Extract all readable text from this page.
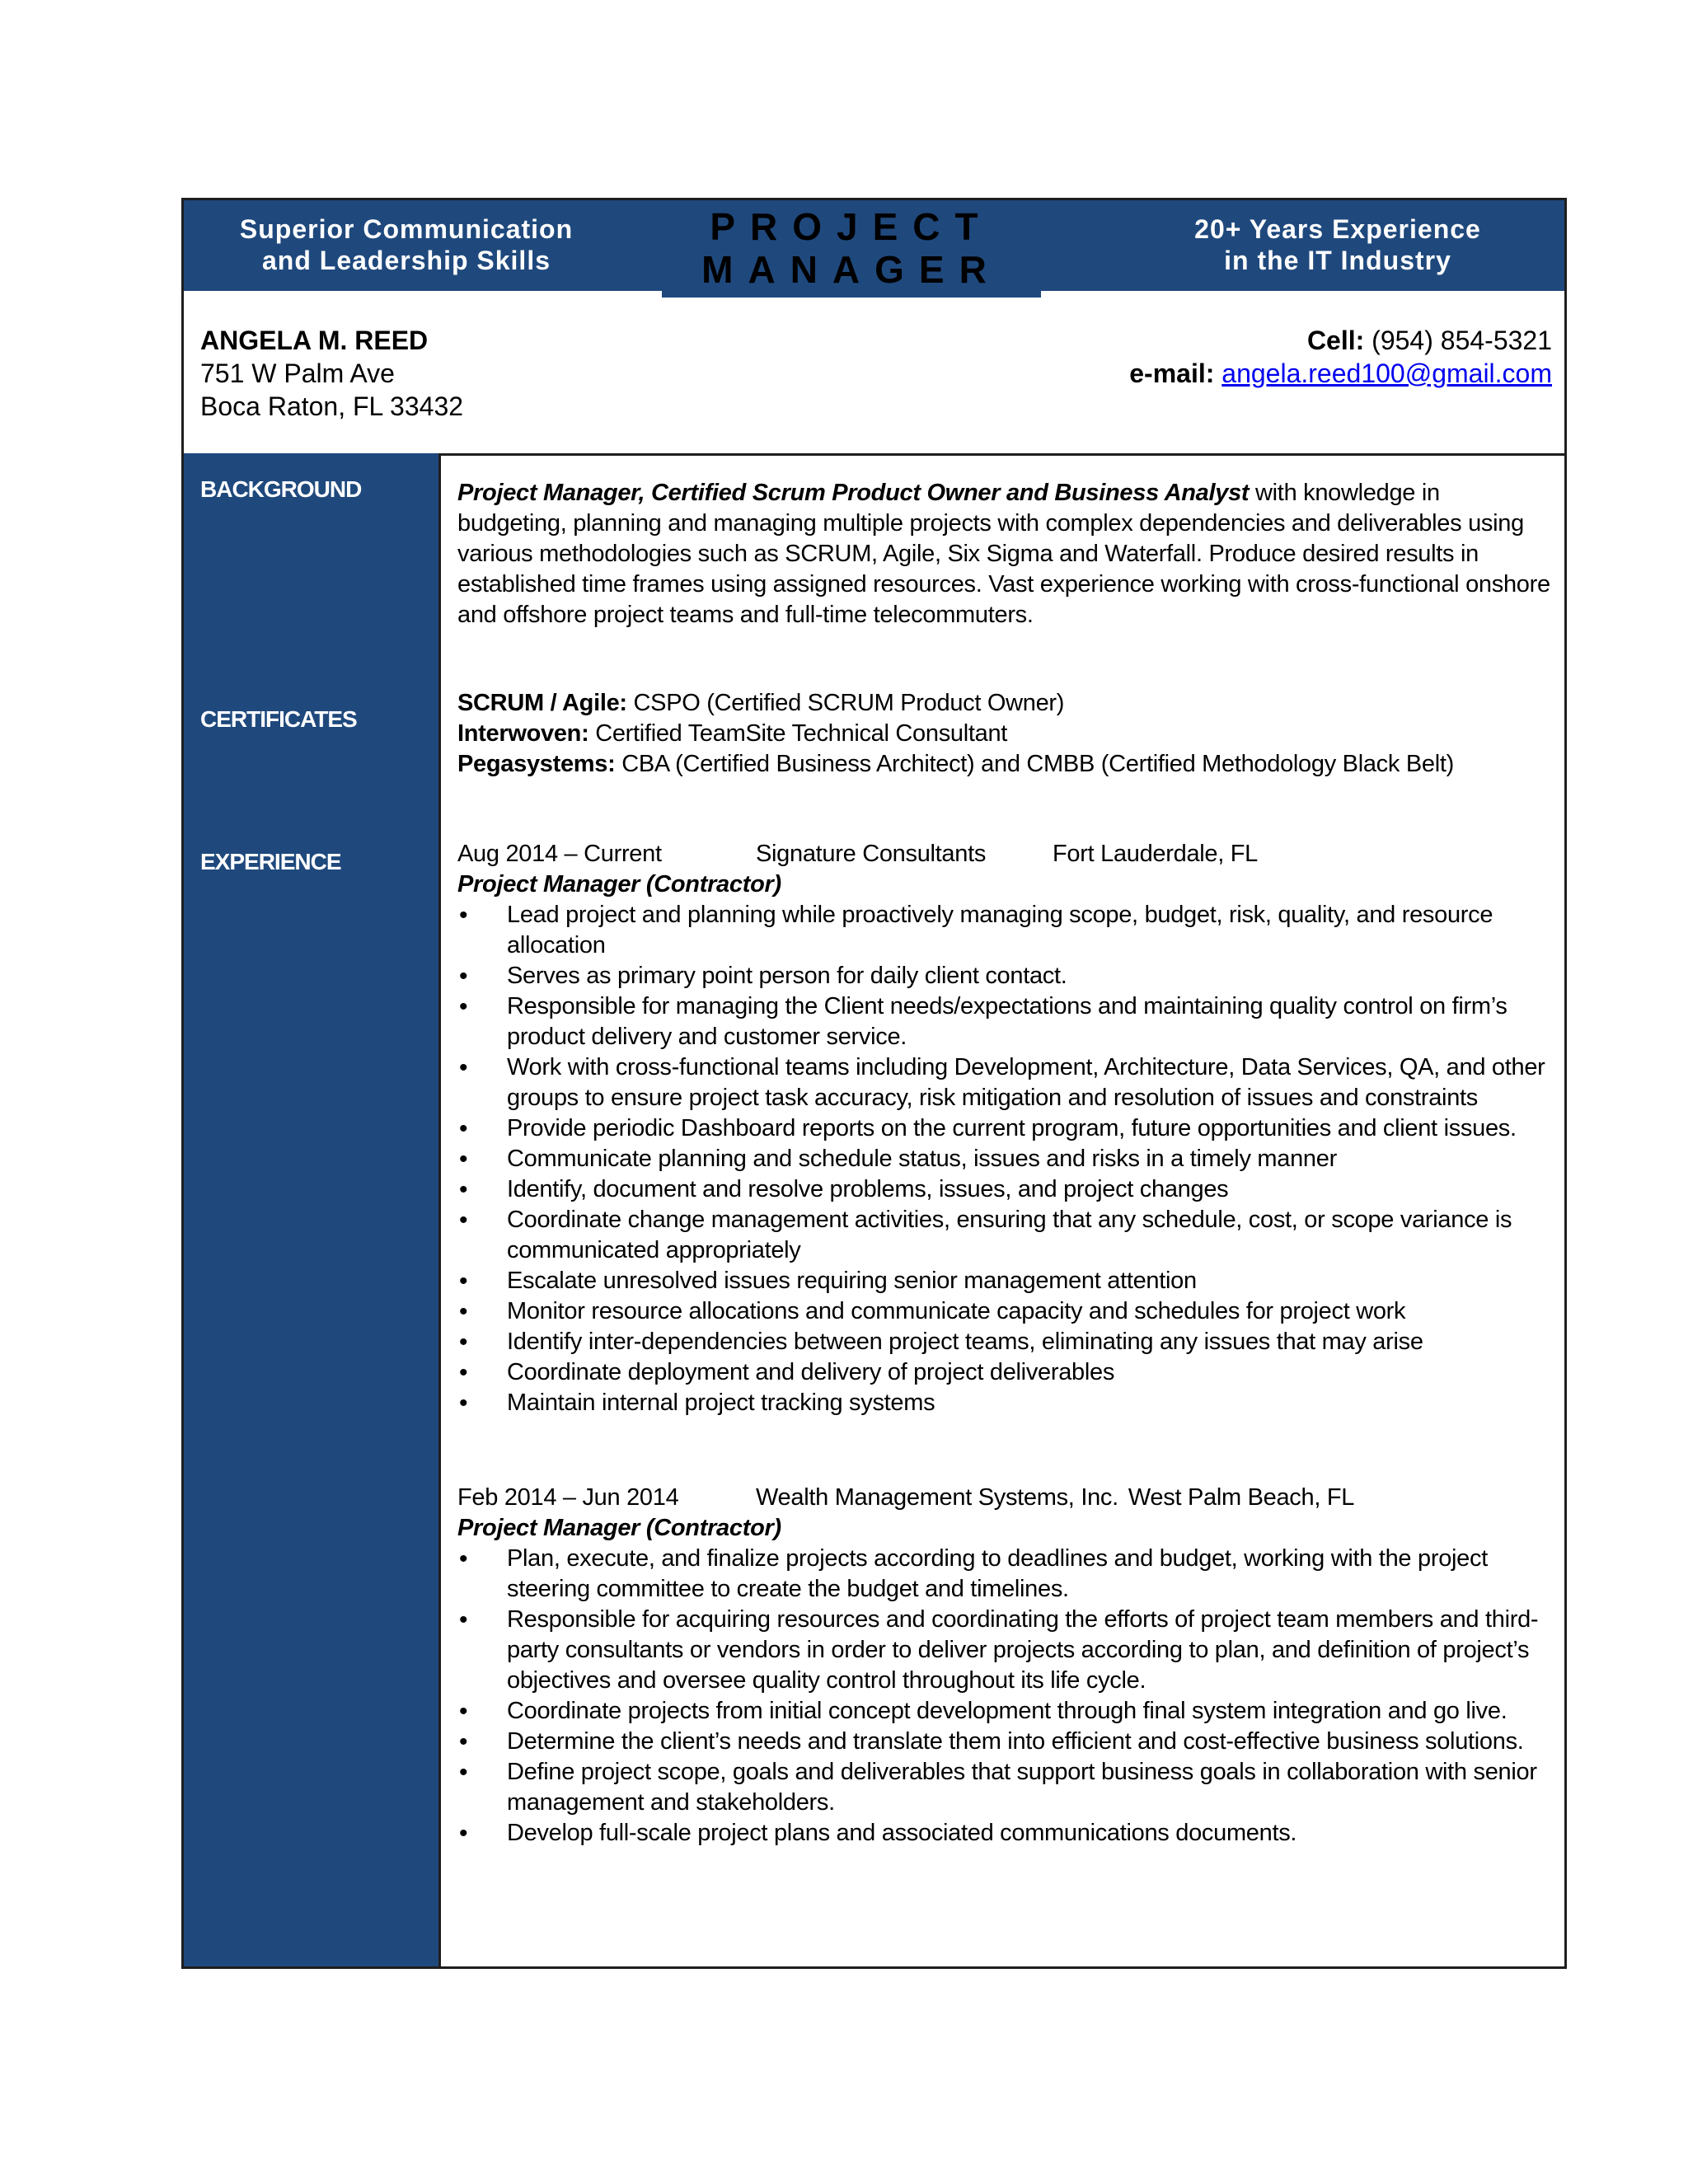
Superior Communication
and Leadership Skills
20+ Years Experience
in the IT Industry
PROJECT
MANAGER
ANGELA M. REED
751 W Palm Ave
Boca Raton, FL 33432
Cell: (954) 854-5321
e-mail: angela.reed100@gmail.com
BACKGROUND
CERTIFICATES
EXPERIENCE
Project Manager, Certified Scrum Product Owner and Business Analyst with knowledge in budgeting, planning and managing multiple projects with complex dependencies and deliverables using various methodologies such as SCRUM, Agile, Six Sigma and Waterfall. Produce desired results in established time frames using assigned resources. Vast experience working with cross-functional onshore and offshore project teams and full-time telecommuters.
SCRUM / Agile: CSPO (Certified SCRUM Product Owner)
Interwoven: Certified TeamSite Technical Consultant
Pegasystems: CBA (Certified Business Architect) and CMBB (Certified Methodology Black Belt)
Aug 2014 – Current	Signature Consultants	Fort Lauderdale, FL
Project Manager (Contractor)
• Lead project and planning while proactively managing scope, budget, risk, quality, and resource allocation
• Serves as primary point person for daily client contact.
• Responsible for managing the Client needs/expectations and maintaining quality control on firm’s product delivery and customer service.
• Work with cross-functional teams including Development, Architecture, Data Services, QA, and other groups to ensure project task accuracy, risk mitigation and resolution of issues and constraints
• Provide periodic Dashboard reports on the current program, future opportunities and client issues.
• Communicate planning and schedule status, issues and risks in a timely manner
• Identify, document and resolve problems, issues, and project changes
• Coordinate change management activities, ensuring that any schedule, cost, or scope variance is communicated appropriately
• Escalate unresolved issues requiring senior management attention
• Monitor resource allocations and communicate capacity and schedules for project work
• Identify inter-dependencies between project teams, eliminating any issues that may arise
• Coordinate deployment and delivery of project deliverables
• Maintain internal project tracking systems
Feb 2014 – Jun 2014	Wealth Management Systems, Inc. West Palm Beach, FL
Project Manager (Contractor)
• Plan, execute, and finalize projects according to deadlines and budget, working with the project steering committee to create the budget and timelines.
• Responsible for acquiring resources and coordinating the efforts of project team members and third-party consultants or vendors in order to deliver projects according to plan, and definition of project’s objectives and oversee quality control throughout its life cycle.
• Coordinate projects from initial concept development through final system integration and go live.
• Determine the client’s needs and translate them into efficient and cost-effective business solutions.
• Define project scope, goals and deliverables that support business goals in collaboration with senior management and stakeholders.
• Develop full-scale project plans and associated communications documents.
